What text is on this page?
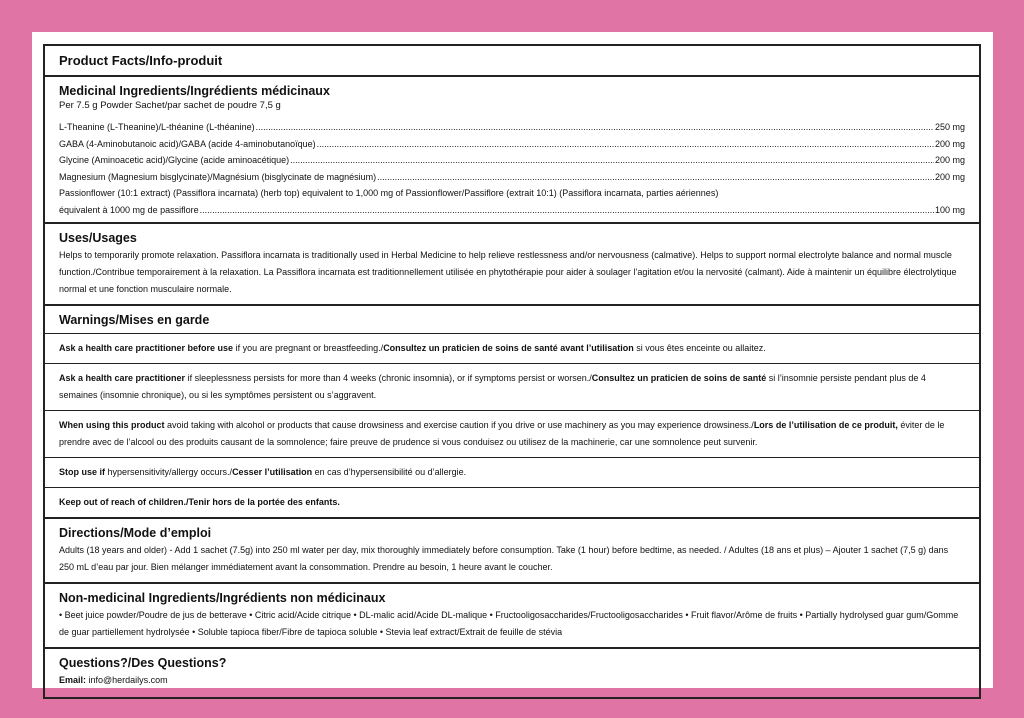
Product Facts/Info-produit
Medicinal Ingredients/Ingrédients médicinaux
Per 7.5 g Powder Sachet/par sachet de poudre 7,5 g
L-Theanine (L-Theanine)/L-théanine (L-théanine) .....	250 mg
GABA (4-Aminobutanoic acid)/GABA (acide 4-aminobutanoïque) .....	200 mg
Glycine (Aminoacetic acid)/Glycine (acide aminoacétique) .....	200 mg
Magnesium (Magnesium bisglycinate)/Magnésium (bisglycinate de magnésium) .....	200 mg
Passionflower (10:1 extract) (Passiflora incarnata) (herb top) equivalent to 1,000 mg of Passionflower/Passiflore (extrait 10:1) (Passiflora incarnata, parties aériennes)
équivalent à 1000 mg de passiflore .....	100 mg
Uses/Usages
Helps to temporarily promote relaxation. Passiflora incarnata is traditionally used in Herbal Medicine to help relieve restlessness and/or nervousness (calmative). Helps to support normal electrolyte balance and normal muscle function./Contribue temporairement à la relaxation. La Passiflora incarnata est traditionnellement utilisée en phytothérapie pour aider à soulager l’agitation et/ou la nervosité (calmant). Aide à maintenir un équilibre électrolytique normal et une fonction musculaire normale.
Warnings/Mises en garde
Ask a health care practitioner before use if you are pregnant or breastfeeding./Consultez un praticien de soins de santé avant l’utilisation si vous êtes enceinte ou allaitez.
Ask a health care practitioner if sleeplessness persists for more than 4 weeks (chronic insomnia), or if symptoms persist or worsen./Consultez un praticien de soins de santé si l’insomnie persiste pendant plus de 4 semaines (insomnie chronique), ou si les symptômes persistent ou s’aggravent.
When using this product avoid taking with alcohol or products that cause drowsiness and exercise caution if you drive or use machinery as you may experience drowsiness./Lors de l’utilisation de ce produit, éviter de le prendre avec de l’alcool ou des produits causant de la somnolence; faire preuve de prudence si vous conduisez ou utilisez de la machinerie, car une somnolence peut survenir.
Stop use if hypersensitivity/allergy occurs./Cesser l’utilisation en cas d’hypersensibilité ou d’allergie.
Keep out of reach of children./Tenir hors de la portée des enfants.
Directions/Mode d’emploi
Adults (18 years and older) - Add 1 sachet (7.5g) into 250 ml water per day, mix thoroughly immediately before consumption. Take (1 hour) before bedtime, as needed. / Adultes (18 ans et plus) – Ajouter 1 sachet (7,5 g) dans 250 mL d’eau par jour. Bien mélanger immédiatement avant la consommation. Prendre au besoin, 1 heure avant le coucher.
Non-medicinal Ingredients/Ingrédients non médicinaux
• Beet juice powder/Poudre de jus de betterave • Citric acid/Acide citrique • DL-malic acid/Acide DL-malique • Fructooligosaccharides/Fructooligosaccharides • Fruit flavor/Arôme de fruits • Partially hydrolysed guar gum/Gomme de guar partiellement hydrolysée • Soluble tapioca fiber/Fibre de tapioca soluble • Stevia leaf extract/Extrait de feuille de stévia
Questions?/Des Questions?
Email: info@herdailys.com
